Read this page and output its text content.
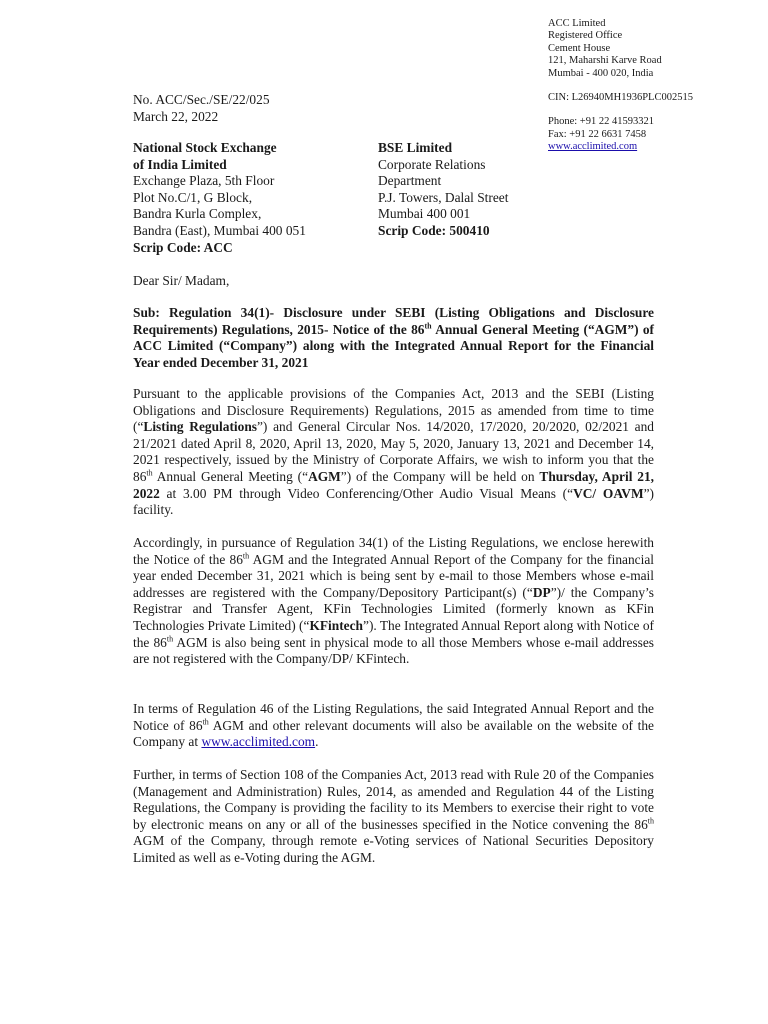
ACC Limited
Registered Office
Cement House
121, Maharshi Karve Road
Mumbai - 400 020, India
CIN: L26940MH1936PLC002515
Phone: +91 22 41593321
Fax: +91 22 6631 7458
www.acclimited.com
No. ACC/Sec./SE/22/025
March 22, 2022
National Stock Exchange
of India Limited
Exchange Plaza, 5th Floor
Plot No.C/1, G Block,
Bandra Kurla Complex,
Bandra (East), Mumbai 400 051
Scrip Code: ACC
BSE Limited
Corporate Relations
Department
P.J. Towers, Dalal Street
Mumbai 400 001
Scrip Code: 500410
Dear Sir/ Madam,

Sub: Regulation 34(1)- Disclosure under SEBI (Listing Obligations and Disclosure Requirements) Regulations, 2015- Notice of the 86th Annual General Meeting (“AGM”) of ACC Limited (“Company”) along with the Integrated Annual Report for the Financial Year ended December 31, 2021

Pursuant to the applicable provisions of the Companies Act, 2013 and the SEBI (Listing Obligations and Disclosure Requirements) Regulations, 2015 as amended from time to time (“Listing Regulations”) and General Circular Nos. 14/2020, 17/2020, 20/2020, 02/2021 and 21/2021 dated April 8, 2020, April 13, 2020, May 5, 2020, January 13, 2021 and December 14, 2021 respectively, issued by the Ministry of Corporate Affairs, we wish to inform you that the 86th Annual General Meeting (“AGM”) of the Company will be held on Thursday, April 21, 2022 at 3.00 PM through Video Conferencing/Other Audio Visual Means (“VC/ OAVM”) facility.

Accordingly, in pursuance of Regulation 34(1) of the Listing Regulations, we enclose herewith the Notice of the 86th AGM and the Integrated Annual Report of the Company for the financial year ended December 31, 2021 which is being sent by e-mail to those Members whose e-mail addresses are registered with the Company/Depository Participant(s) (“DP”)/ the Company’s Registrar and Transfer Agent, KFin Technologies Limited (formerly known as KFin Technologies Private Limited) (“KFintech”). The Integrated Annual Report along with Notice of the 86th AGM is also being sent in physical mode to all those Members whose e-mail addresses are not registered with the Company/DP/ KFintech.

In terms of Regulation 46 of the Listing Regulations, the said Integrated Annual Report and the Notice of 86th AGM and other relevant documents will also be available on the website of the Company at www.acclimited.com.

Further, in terms of Section 108 of the Companies Act, 2013 read with Rule 20 of the Companies (Management and Administration) Rules, 2014, as amended and Regulation 44 of the Listing Regulations, the Company is providing the facility to its Members to exercise their right to vote by electronic means on any or all of the businesses specified in the Notice convening the 86th AGM of the Company, through remote e-Voting services of National Securities Depository Limited as well as e-Voting during the AGM.
